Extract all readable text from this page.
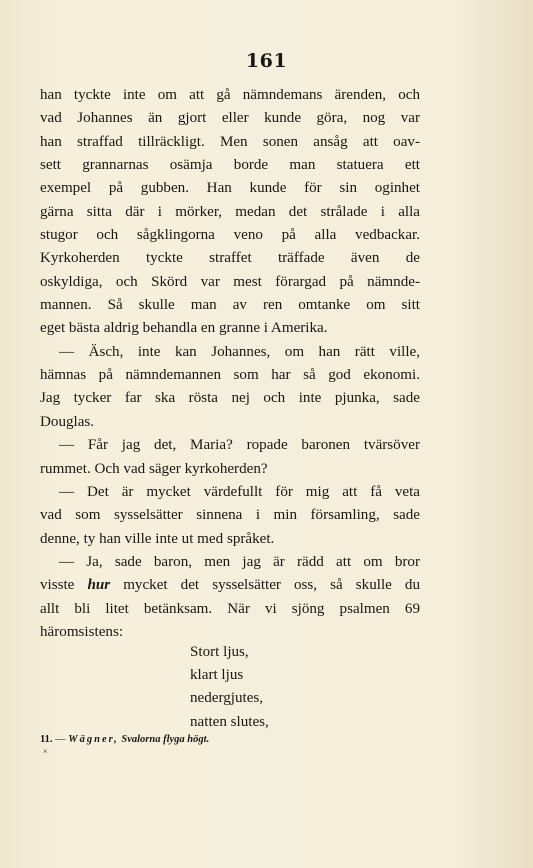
161
han tyckte inte om att gå nämndemans ärenden, och
vad Johannes än gjort eller kunde göra, nog var
han straffad tillräckligt. Men sonen ansåg att oav-
sett grannarnas osämja borde man statuera ett
exempel på gubben. Han kunde för sin oginhet
gärna sitta där i mörker, medan det strålade i alla
stugor och sågklingorna veno på alla vedbackar.
Kyrkoherden tyckte straffet träffade även de
oskyldiga, och Skörd var mest förargad på nämnde-
mannen. Så skulle man av ren omtanke om sitt
eget bästa aldrig behandla en granne i Amerika.
— Äsch, inte kan Johannes, om han rätt ville,
hämnas på nämndemannen som har så god ekonomi.
Jag tycker far ska rösta nej och inte pjunka, sade
Douglas.
— Får jag det, Maria? ropade baronen tvärsöver
rummet. Och vad säger kyrkoherden?
— Det är mycket värdefullt för mig att få veta
vad som sysselsätter sinnena i min församling, sade
denne, ty han ville inte ut med språket.
— Ja, sade baron, men jag är rädd att om bror
visste hur mycket det sysselsätter oss, så skulle du
allt bli litet betänksam. När vi sjöng psalmen 69
häromsistens:
Stort ljus,
klart ljus
nedergjutes,
natten slutes,
11. — Wägner, Svalorna flyga högt.
×
